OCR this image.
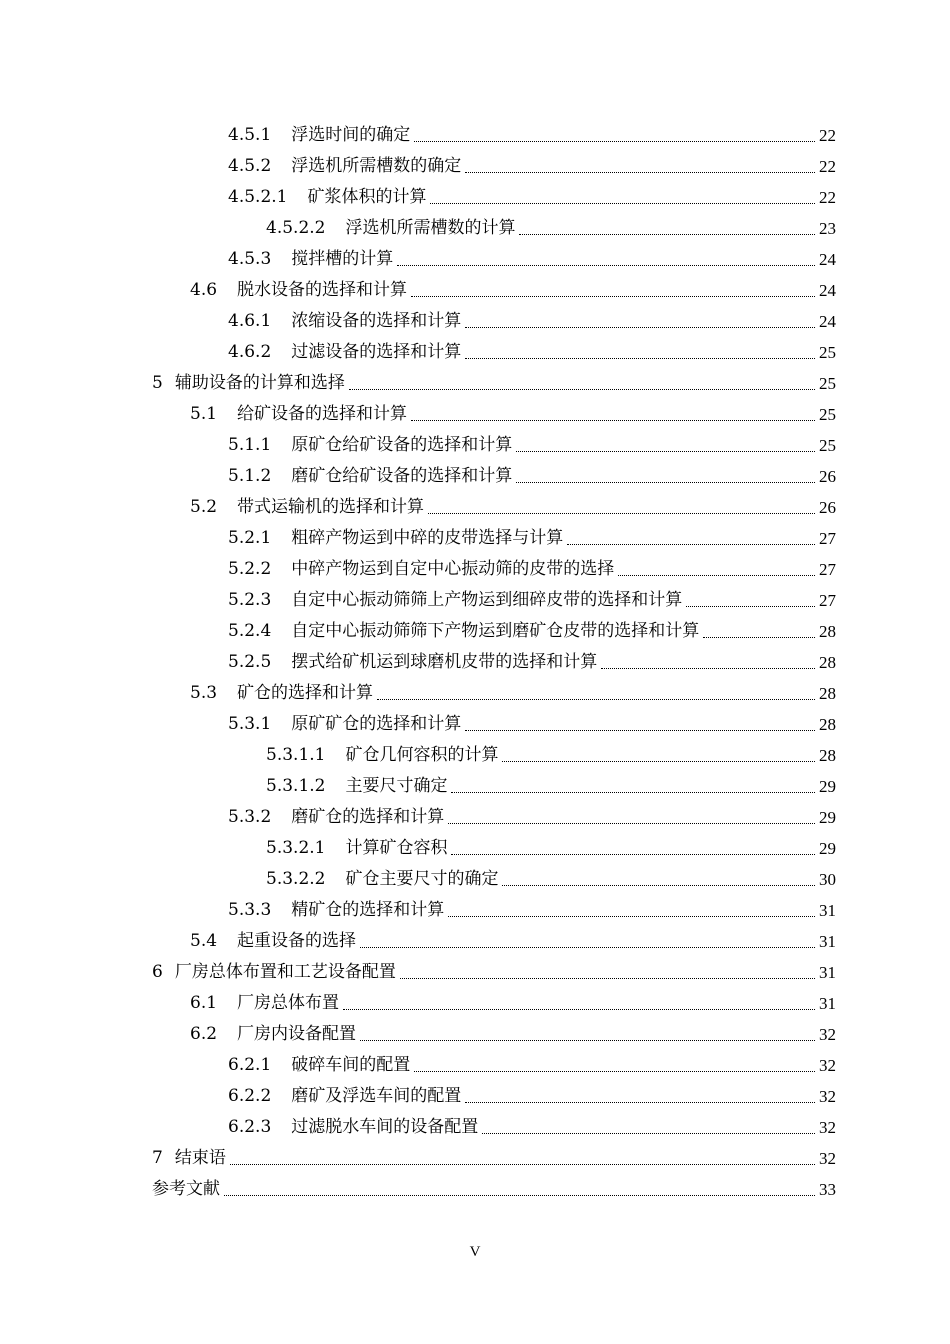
4.5.1 浮选时间的确定	22
4.5.2 浮选机所需槽数的确定	22
4.5.2.1 矿浆体积的计算	22
4.5.2.2 浮选机所需槽数的计算	23
4.5.3 搅拌槽的计算	24
4.6 脱水设备的选择和计算	24
4.6.1 浓缩设备的选择和计算	24
4.6.2 过滤设备的选择和计算	25
5 辅助设备的计算和选择	25
5.1 给矿设备的选择和计算	25
5.1.1 原矿仓给矿设备的选择和计算	25
5.1.2 磨矿仓给矿设备的选择和计算	26
5.2 带式运输机的选择和计算	26
5.2.1 粗碎产物运到中碎的皮带选择与计算	27
5.2.2 中碎产物运到自定中心振动筛的皮带的选择	27
5.2.3 自定中心振动筛筛上产物运到细碎皮带的选择和计算	27
5.2.4 自定中心振动筛筛下产物运到磨矿仓皮带的选择和计算	28
5.2.5 摆式给矿机运到球磨机皮带的选择和计算	28
5.3 矿仓的选择和计算	28
5.3.1 原矿矿仓的选择和计算	28
5.3.1.1 矿仓几何容积的计算	28
5.3.1.2 主要尺寸确定	29
5.3.2 磨矿仓的选择和计算	29
5.3.2.1 计算矿仓容积	29
5.3.2.2 矿仓主要尺寸的确定	30
5.3.3 精矿仓的选择和计算	31
5.4 起重设备的选择	31
6 厂房总体布置和工艺设备配置	31
6.1 厂房总体布置	31
6.2 厂房内设备配置	32
6.2.1 破碎车间的配置	32
6.2.2 磨矿及浮选车间的配置	32
6.2.3 过滤脱水车间的设备配置	32
7 结束语	32
参考文献	33
V
